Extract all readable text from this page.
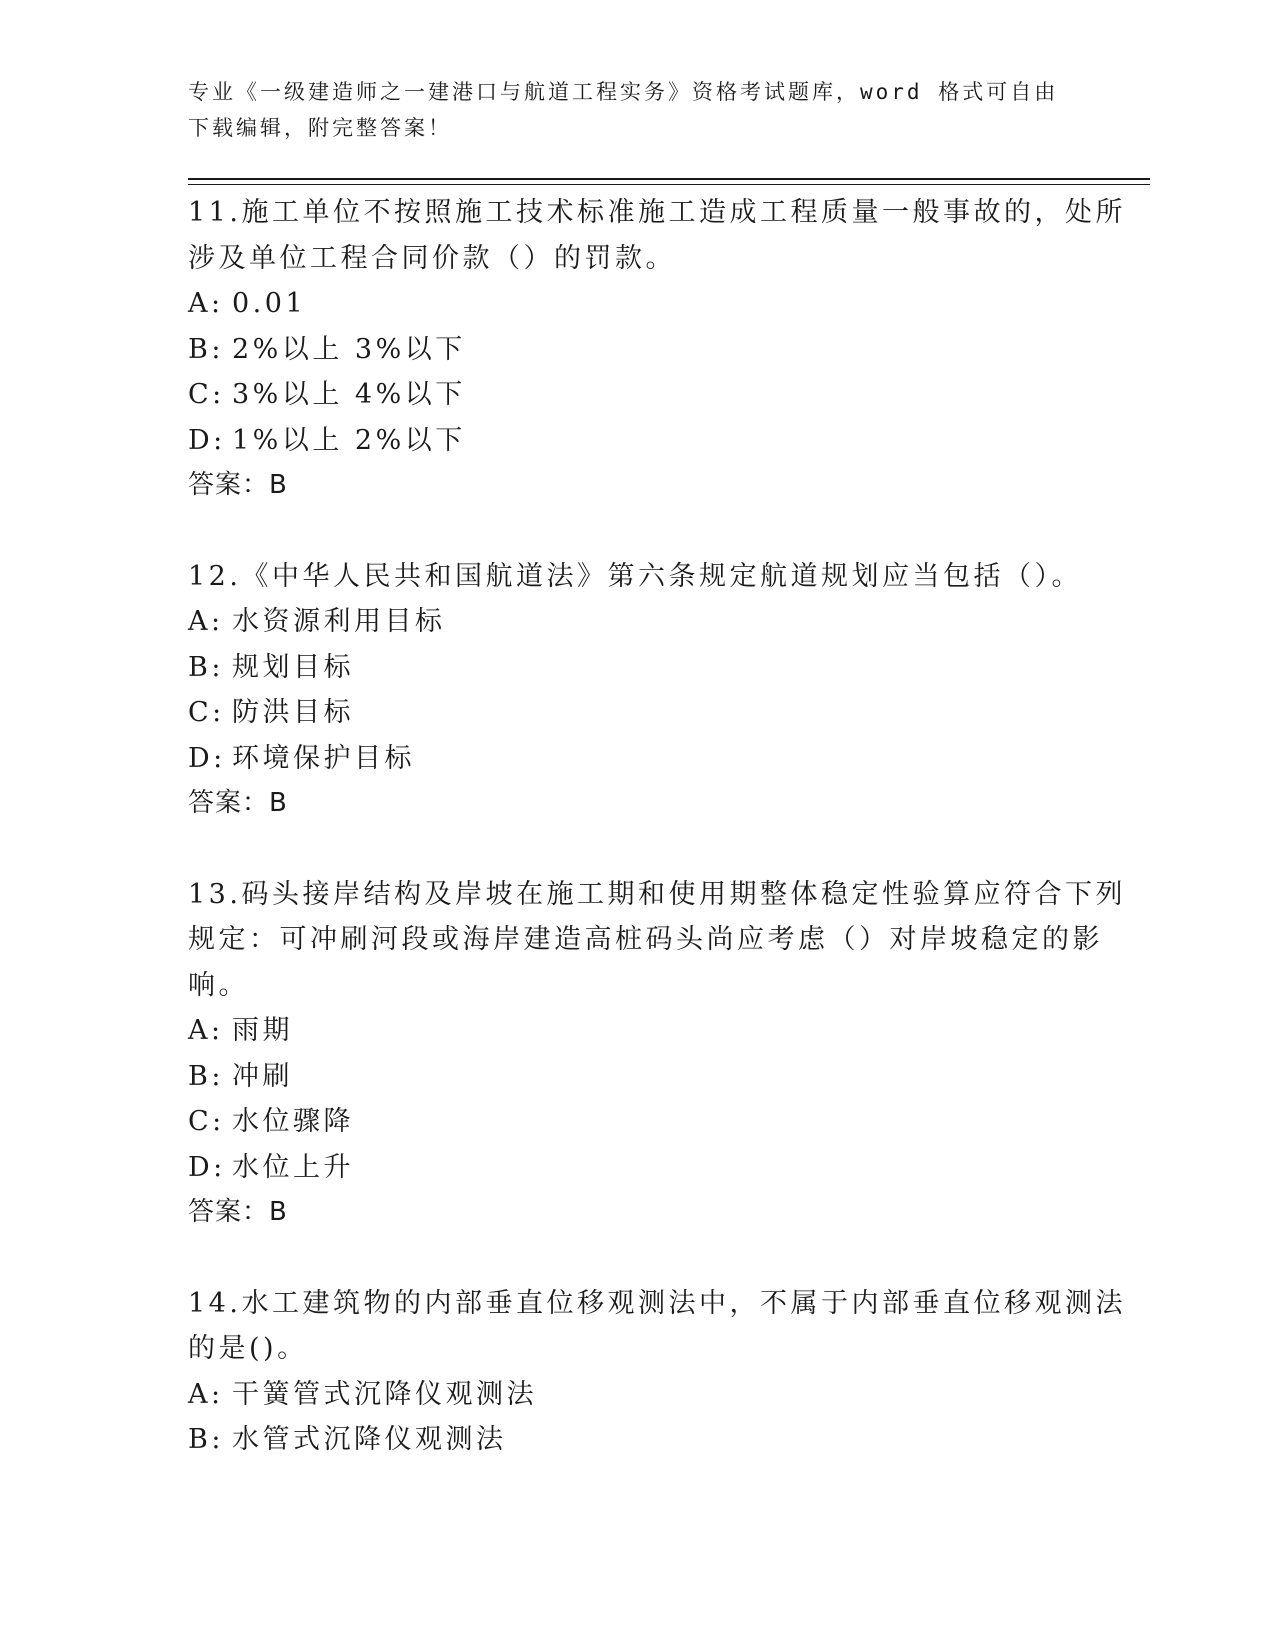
专业《一级建造师之一建港口与航道工程实务》资格考试题库，word 格式可自由
下载编辑，附完整答案！
11.施工单位不按照施工技术标准施工造成工程质量一般事故的，处所
涉及单位工程合同价款（）的罚款。
A: 0.01
B: 2%以上 3%以下
C: 3%以上 4%以下
D: 1%以上 2%以下
答案：B
12.《中华人民共和国航道法》第六条规定航道规划应当包括（）。
A: 水资源利用目标
B: 规划目标
C: 防洪目标
D: 环境保护目标
答案：B
13.码头接岸结构及岸坡在施工期和使用期整体稳定性验算应符合下列
规定：可冲刷河段或海岸建造高桩码头尚应考虑（）对岸坡稳定的影
响。
A: 雨期
B: 冲刷
C: 水位骤降
D: 水位上升
答案：B
14.水工建筑物的内部垂直位移观测法中，不属于内部垂直位移观测法
的是()。
A: 干簧管式沉降仪观测法
B: 水管式沉降仪观测法
